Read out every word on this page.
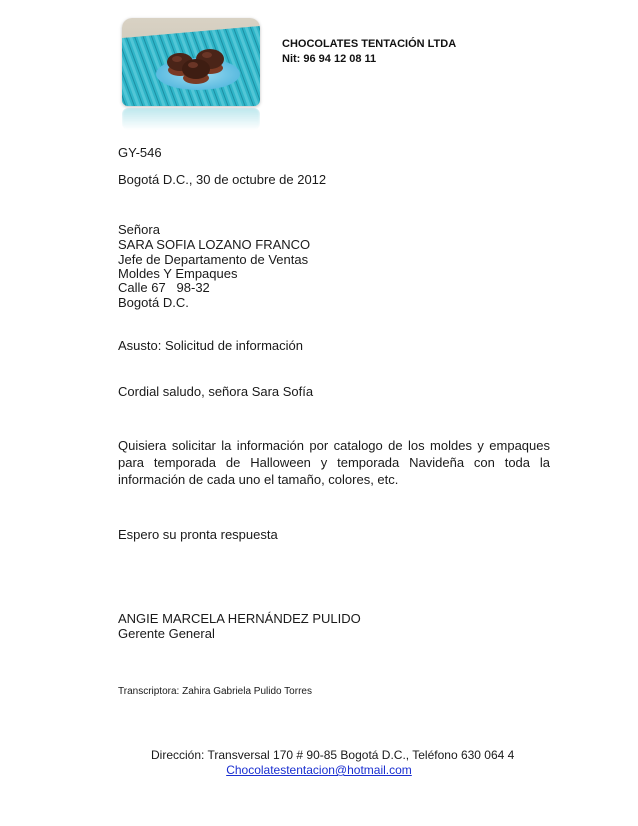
CHOCOLATES TENTACIÓN LTDA
Nit: 96 94 12 08 11
GY-546
Bogotá D.C., 30 de octubre de 2012
Señora
SARA SOFIA LOZANO FRANCO
Jefe de Departamento de Ventas
Moldes Y Empaques
Calle 67   98-32
Bogotá D.C.
Asusto: Solicitud de información
Cordial saludo, señora Sara Sofía
Quisiera solicitar la información por catalogo de los moldes y empaques para temporada de Halloween y temporada Navideña con toda la información de cada uno el tamaño, colores, etc.
Espero su pronta respuesta
ANGIE MARCELA HERNÁNDEZ PULIDO
Gerente General
Transcriptora: Zahira Gabriela Pulido Torres
Dirección: Transversal 170 # 90-85 Bogotá D.C., Teléfono 630 064 4
Chocolatestentacion@hotmail.com
